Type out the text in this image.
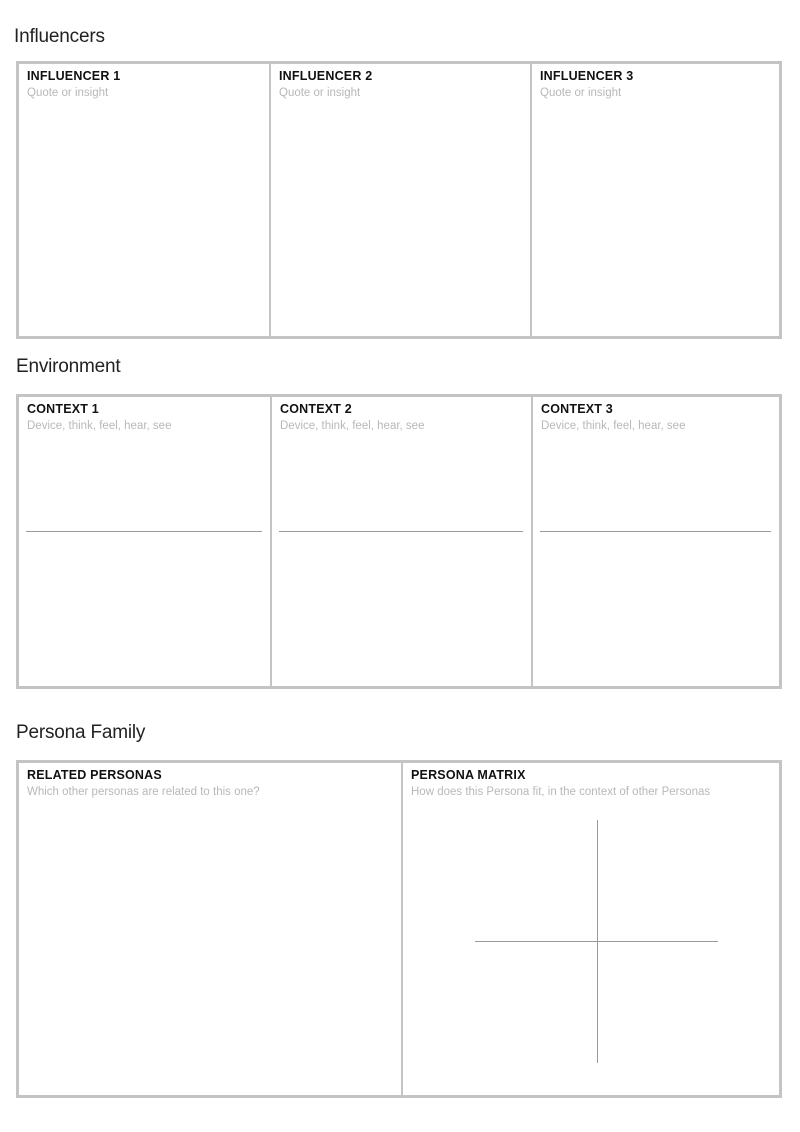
Influencers
INFLUENCER 1
Quote or insight
INFLUENCER 2
Quote or insight
INFLUENCER 3
Quote or insight
Environment
CONTEXT 1
Device, think, feel, hear, see
CONTEXT 2
Device, think, feel, hear, see
CONTEXT 3
Device, think, feel, hear, see
Persona Family
RELATED PERSONAS
Which other personas are related to this one?
PERSONA MATRIX
How does this Persona fit, in the context of other Personas
